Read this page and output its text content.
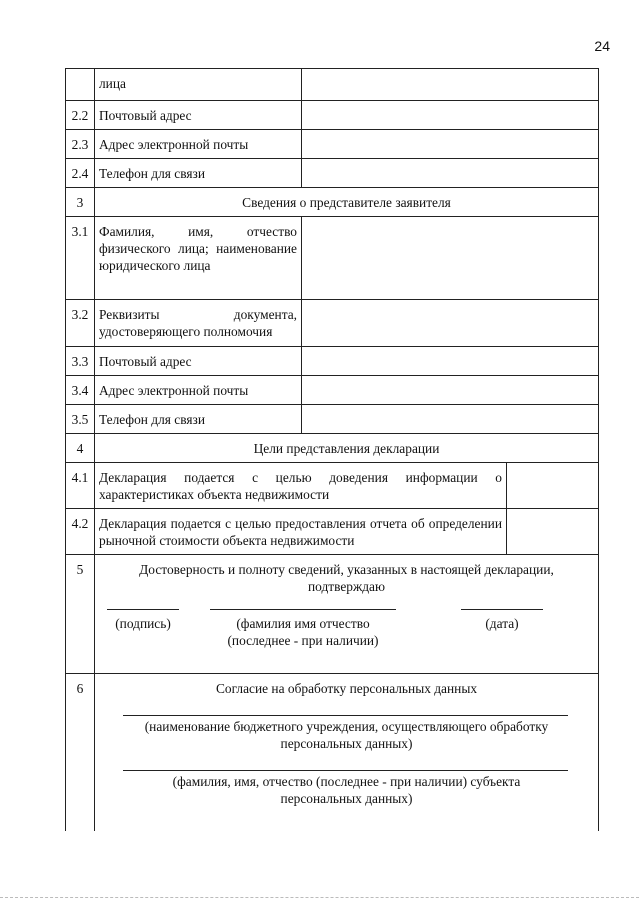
24
	лица		
2.2	Почтовый адрес		
2.3	Адрес электронной почты		
2.4	Телефон для связи		
3	Сведения о представителе заявителя		
3.1	Фамилия, имя, отчество физического лица; наименование юридического лица		
3.2	Реквизиты документа, удостоверяющего полномочия		
3.3	Почтовый адрес		
3.4	Адрес электронной почты		
3.5	Телефон для связи		
4	Цели представления декларации		
4.1	Декларация подается с целью доведения информации о характеристиках объекта недвижимости		
4.2	Декларация подается с целью предоставления отчета об определении рыночной стоимости объекта недвижимости		
5	Достоверность и полноту сведений, указанных в настоящей декларации, подтверждаю
(подпись) (фамилия имя отчество
(последнее - при наличии)
(дата)		

6	Согласие на обработку персональных данных
(наименование бюджетного учреждения, осуществляющего обработку персональных данных)
(фамилия, имя, отчество (последнее - при наличии) субъекта персональных данных)		
